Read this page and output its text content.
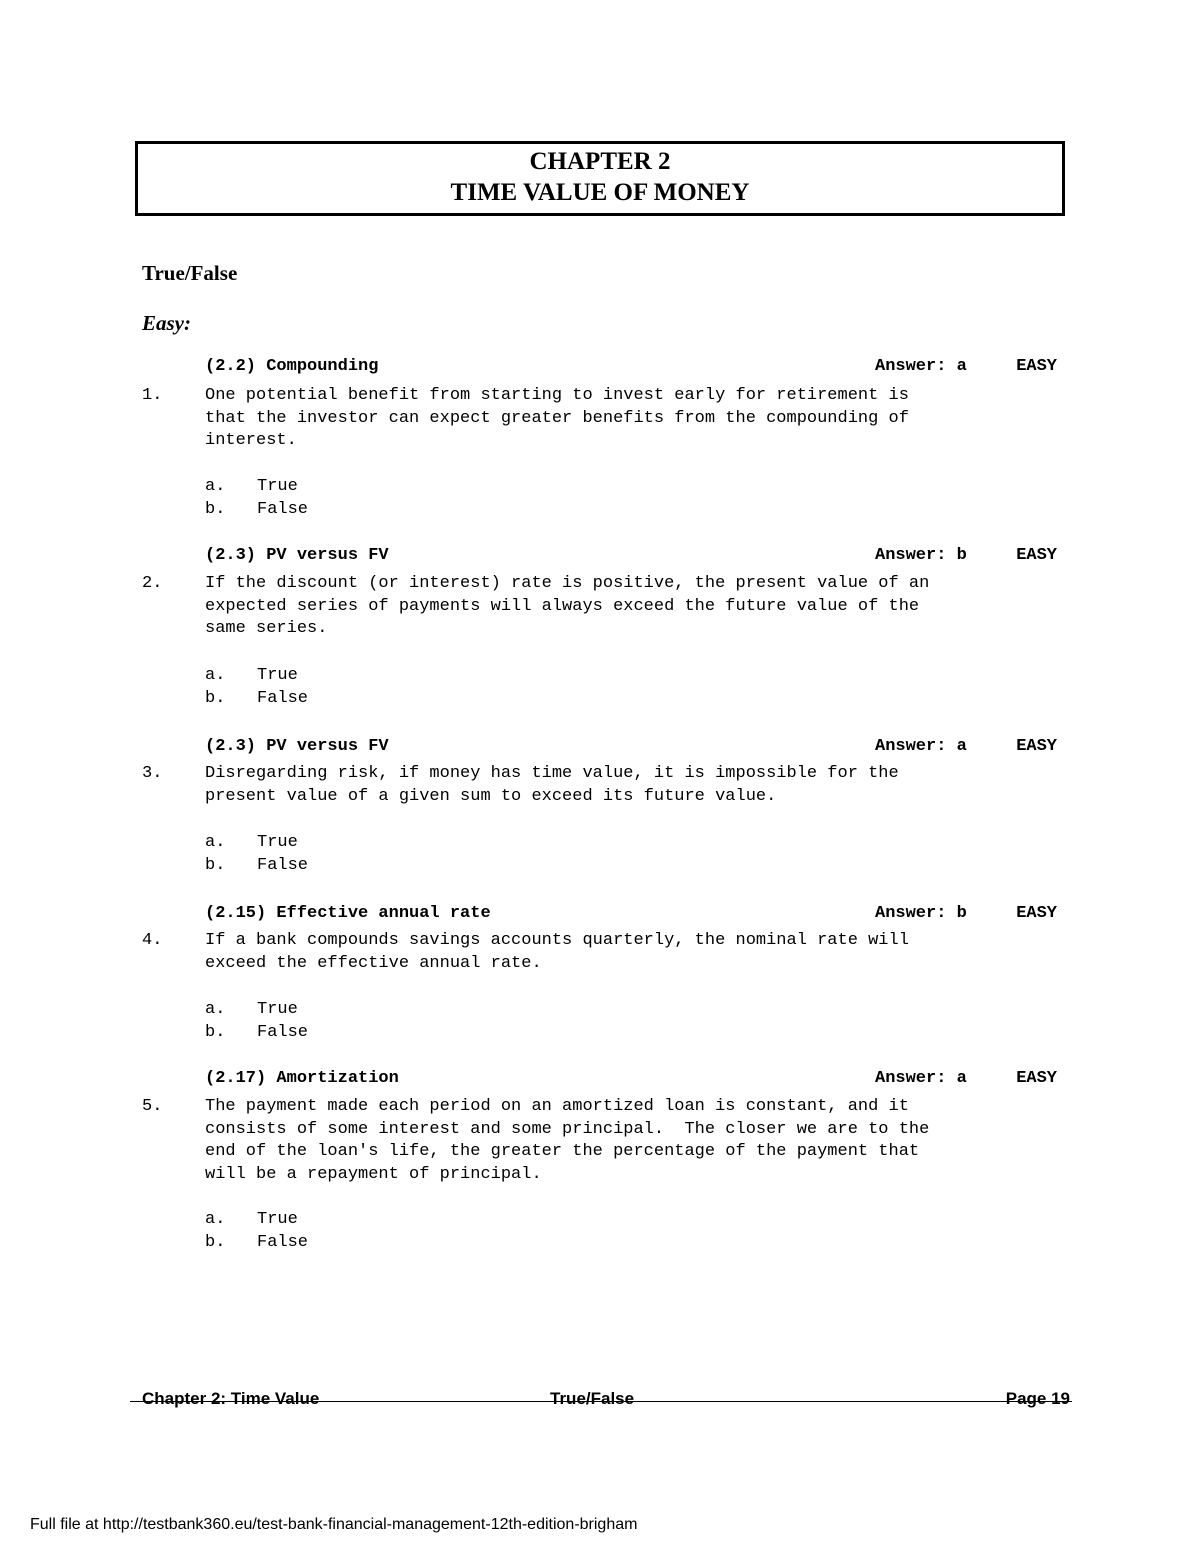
CHAPTER 2
TIME VALUE OF MONEY
True/False
Easy:

(2.2) Compounding

	Answer: a

	EASY

1.	One potential benefit from starting to invest early for retirement is
that the investor can expect greater benefits from the compounding of
interest.
a. True
b. False

(2.3) PV versus FV

	Answer: b

	EASY

2.	If the discount (or interest) rate is positive, the present value of an
expected series of payments will always exceed the future value of the
same series.
a. True
b. False

(2.3) PV versus FV

	Answer: a

	EASY

3.	Disregarding risk, if money has time value, it is impossible for the
present value of a given sum to exceed its future value.
a. True
b. False

(2.15) Effective annual rate

	Answer: b

	EASY

4.	If a bank compounds savings accounts quarterly, the nominal rate will
exceed the effective annual rate.
a. True
b. False

(2.17) Amortization

	Answer: a

	EASY

5.	The payment made each period on an amortized loan is constant, and it
consists of some interest and some principal.  The closer we are to the
end of the loan's life, the greater the percentage of the payment that
will be a repayment of principal.
a. True
b. False
Chapter 2: Time Value	True/False	Page 19
Full file at http://testbank360.eu/test-bank-financial-management-12th-edition-brigham
